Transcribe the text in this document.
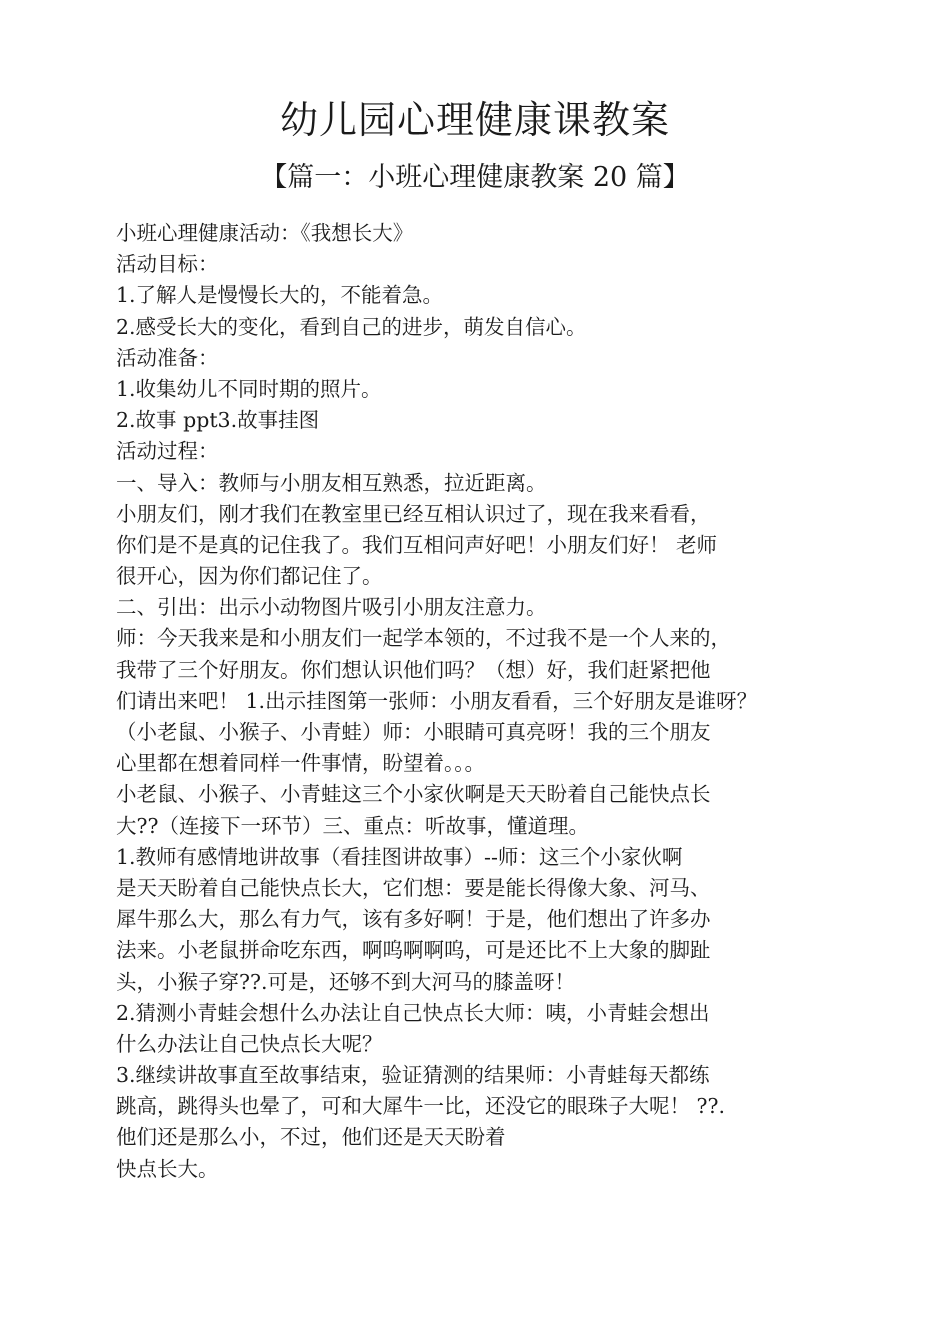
幼儿园心理健康课教案
【篇一：小班心理健康教案 20 篇】
小班心理健康活动：《我想长大》
活动目标：
1.了解人是慢慢长大的，不能着急。
2.感受长大的变化，看到自己的进步，萌发自信心。
活动准备：
1.收集幼儿不同时期的照片。
2.故事 ppt3.故事挂图
活动过程：
一、导入：教师与小朋友相互熟悉，拉近距离。
小朋友们，刚才我们在教室里已经互相认识过了，现在我来看看，
你们是不是真的记住我了。我们互相问声好吧！小朋友们好！ 老师
很开心，因为你们都记住了。
二、引出：出示小动物图片吸引小朋友注意力。
师：今天我来是和小朋友们一起学本领的，不过我不是一个人来的，
我带了三个好朋友。你们想认识他们吗？（想）好，我们赶紧把他
们请出来吧！ 1.出示挂图第一张师：小朋友看看，三个好朋友是谁呀？
（小老鼠、小猴子、小青蛙）师：小眼睛可真亮呀！我的三个朋友
心里都在想着同样一件事情，盼望着。。。
小老鼠、小猴子、小青蛙这三个小家伙啊是天天盼着自己能快点长
大??（连接下一环节）三、重点：听故事，懂道理。
1.教师有感情地讲故事（看挂图讲故事）--师：这三个小家伙啊
是天天盼着自己能快点长大，它们想：要是能长得像大象、河马、
犀牛那么大，那么有力气，该有多好啊！于是，他们想出了许多办
法来。小老鼠拼命吃东西，啊呜啊啊呜，可是还比不上大象的脚趾
头，小猴子穿??.可是，还够不到大河马的膝盖呀！
2.猜测小青蛙会想什么办法让自己快点长大师：咦，小青蛙会想出
什么办法让自己快点长大呢？
3.继续讲故事直至故事结束，验证猜测的结果师：小青蛙每天都练
跳高，跳得头也晕了，可和大犀牛一比，还没它的眼珠子大呢！ ??.
他们还是那么小，不过，他们还是天天盼着
快点长大。
